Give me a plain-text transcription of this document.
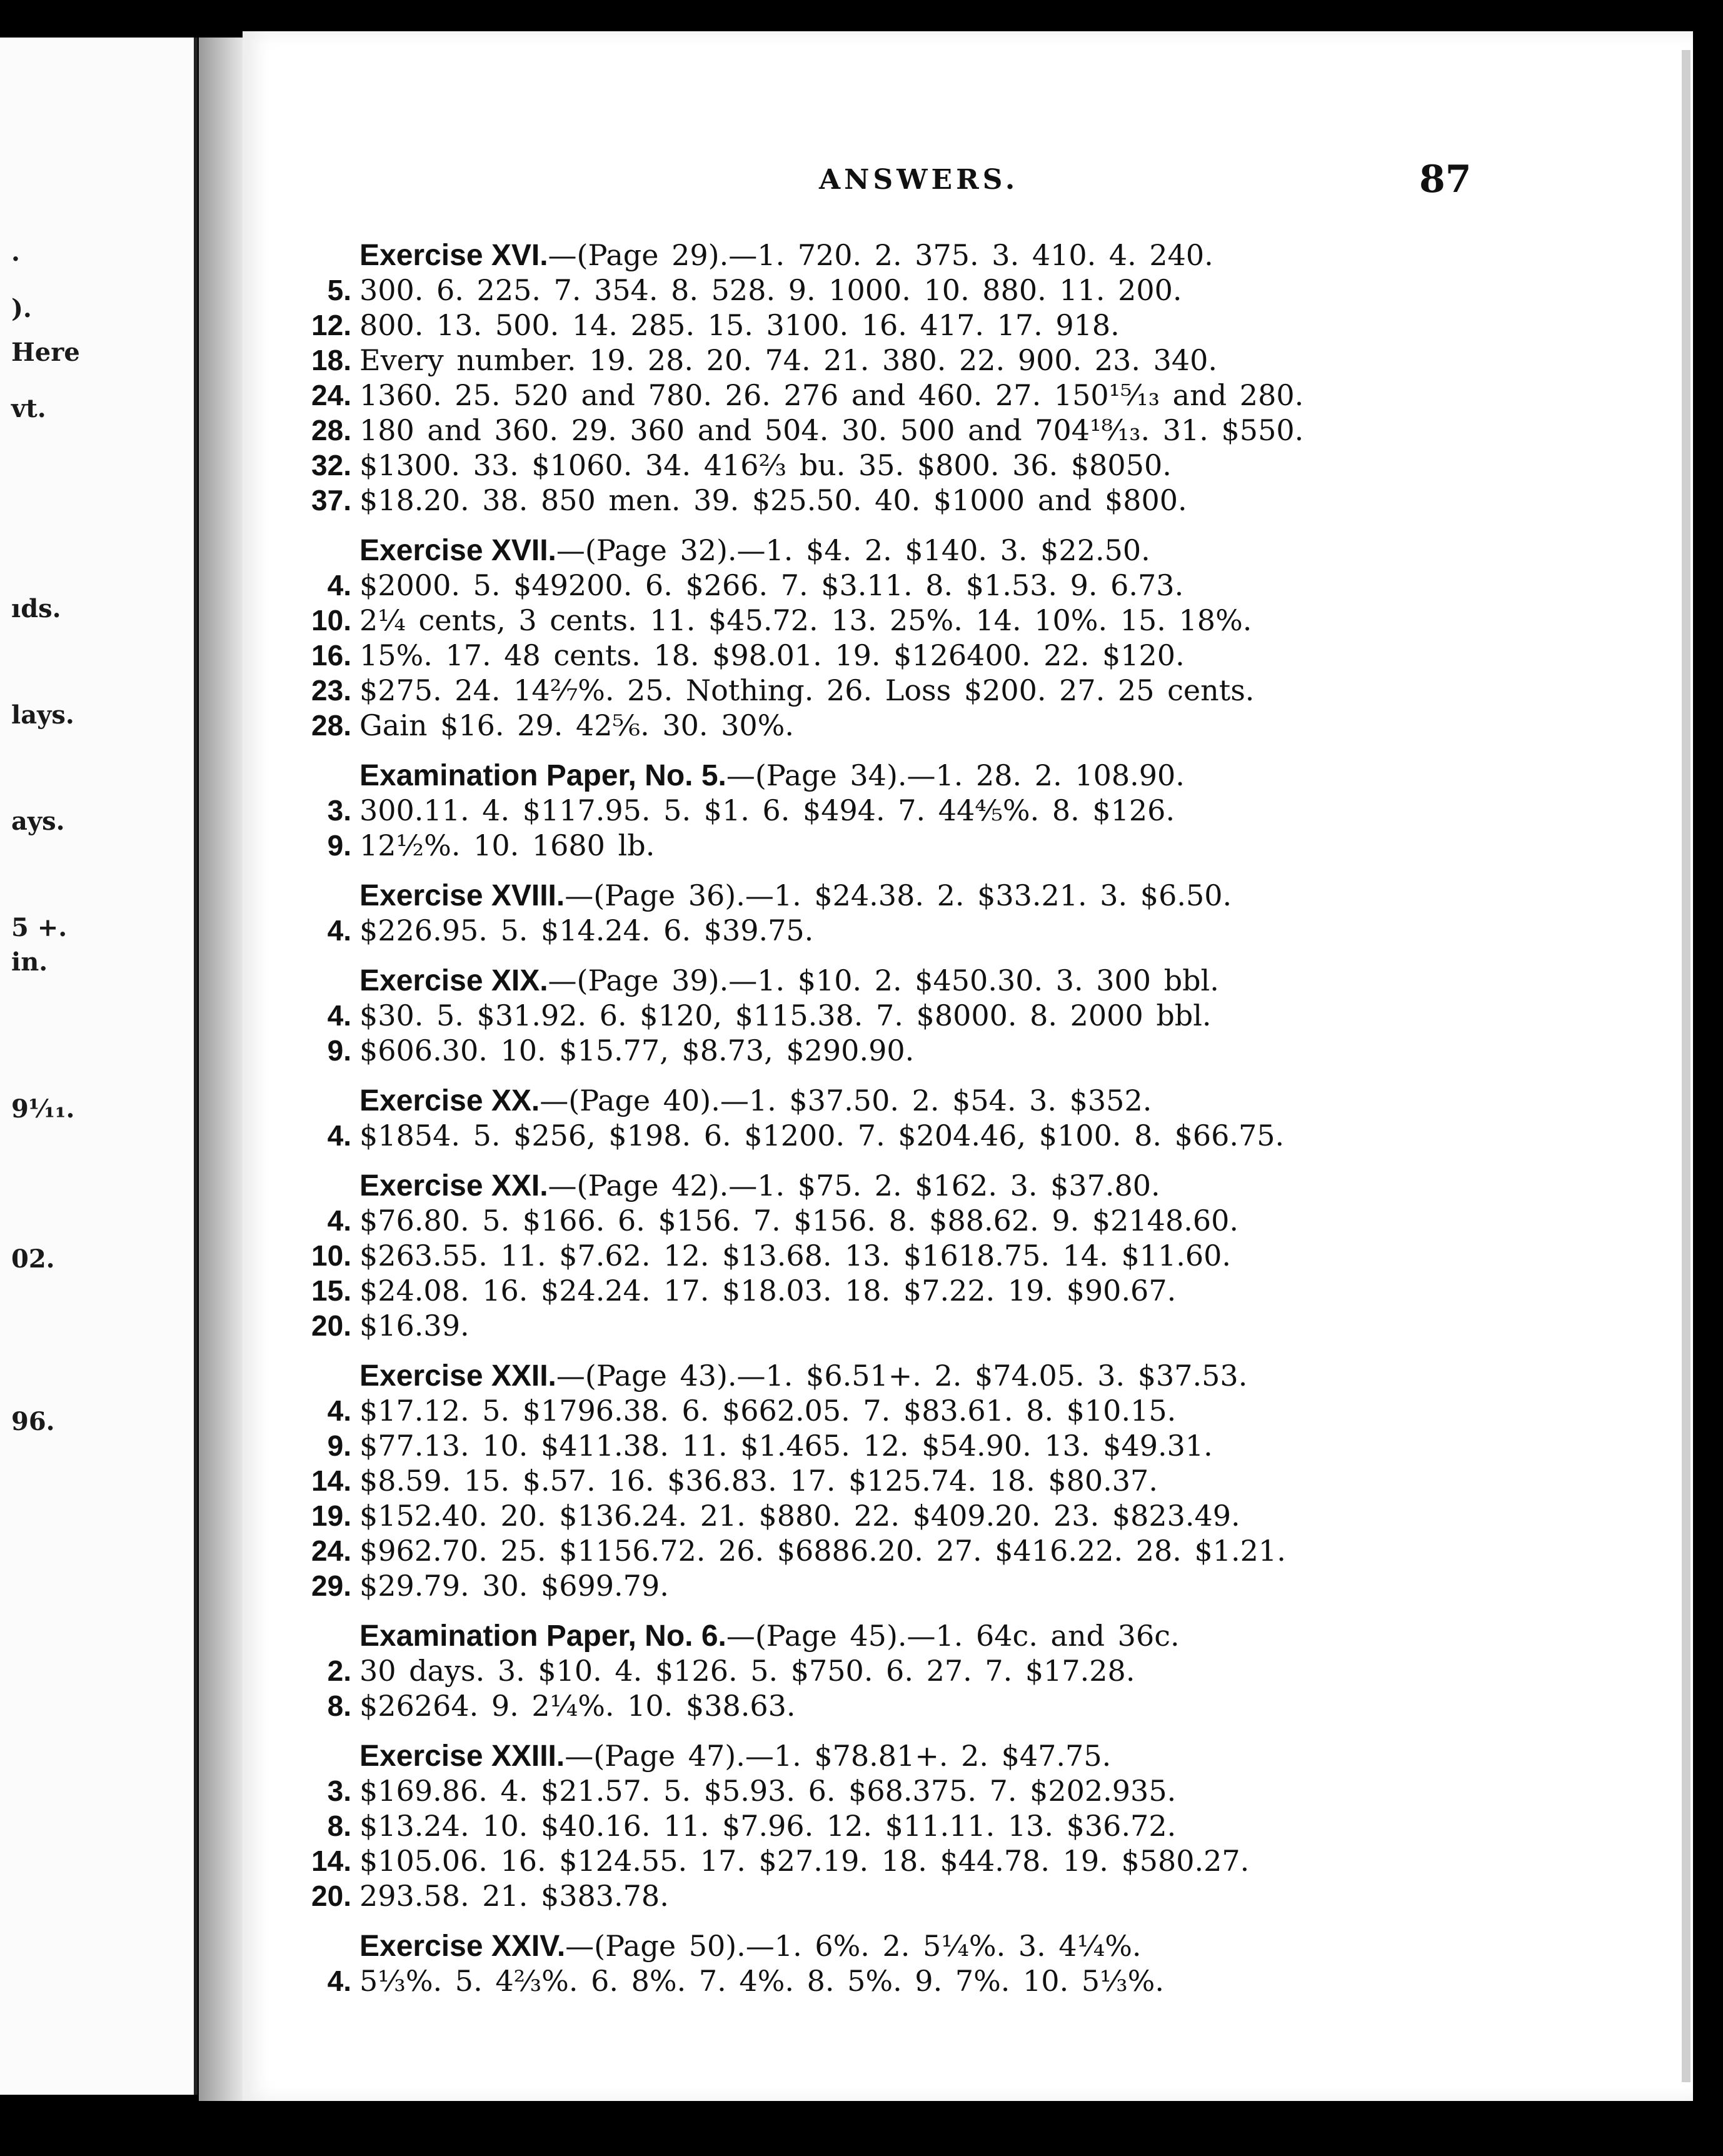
.
).
Here
vt.
ıds.
lays.
ays.
5 +.
in.
9⅟₁₁.
02.
96.
ANSWERS.	87
Exercise XVI.—(Page 29).—1. 720. 2. 375. 3. 410. 4. 240.
5. 300. 6. 225. 7. 354. 8. 528. 9. 1000. 10. 880. 11. 200.
12. 800. 13. 500. 14. 285. 15. 3100. 16. 417. 17. 918.
18. Every number. 19. 28. 20. 74. 21. 380. 22. 900. 23. 340.
24. 1360. 25. 520 and 780. 26. 276 and 460. 27. 150¹⁵⁄₁₃ and 280.
28. 180 and 360. 29. 360 and 504. 30. 500 and 704¹⁸⁄₁₃. 31. $550.
32. $1300. 33. $1060. 34. 416⅔ bu. 35. $800. 36. $8050.
37. $18.20. 38. 850 men. 39. $25.50. 40. $1000 and $800.
Exercise XVII.—(Page 32).—1. $4. 2. $140. 3. $22.50.
4. $2000. 5. $49200. 6. $266. 7. $3.11. 8. $1.53. 9. 6.73.
10. 2¼ cents, 3 cents. 11. $45.72. 13. 25%. 14. 10%. 15. 18%.
16. 15%. 17. 48 cents. 18. $98.01. 19. $126400. 22. $120.
23. $275. 24. 14²⁄₇%. 25. Nothing. 26. Loss $200. 27. 25 cents.
28. Gain $16. 29. 42⅚. 30. 30%.
Examination Paper, No. 5.—(Page 34).—1. 28. 2. 108.90.
3. 300.11. 4. $117.95. 5. $1. 6. $494. 7. 44⅘%. 8. $126.
9. 12½%. 10. 1680 lb.
Exercise XVIII.—(Page 36).—1. $24.38. 2. $33.21. 3. $6.50.
4. $226.95. 5. $14.24. 6. $39.75.
Exercise XIX.—(Page 39).—1. $10. 2. $450.30. 3. 300 bbl.
4. $30. 5. $31.92. 6. $120, $115.38. 7. $8000. 8. 2000 bbl.
9. $606.30. 10. $15.77, $8.73, $290.90.
Exercise XX.—(Page 40).—1. $37.50. 2. $54. 3. $352.
4. $1854. 5. $256, $198. 6. $1200. 7. $204.46, $100. 8. $66.75.
Exercise XXI.—(Page 42).—1. $75. 2. $162. 3. $37.80.
4. $76.80. 5. $166. 6. $156. 7. $156. 8. $88.62. 9. $2148.60.
10. $263.55. 11. $7.62. 12. $13.68. 13. $1618.75. 14. $11.60.
15. $24.08. 16. $24.24. 17. $18.03. 18. $7.22. 19. $90.67.
20. $16.39.
Exercise XXII.—(Page 43).—1. $6.51+. 2. $74.05. 3. $37.53.
4. $17.12. 5. $1796.38. 6. $662.05. 7. $83.61. 8. $10.15.
9. $77.13. 10. $411.38. 11. $1.465. 12. $54.90. 13. $49.31.
14. $8.59. 15. $.57. 16. $36.83. 17. $125.74. 18. $80.37.
19. $152.40. 20. $136.24. 21. $880. 22. $409.20. 23. $823.49.
24. $962.70. 25. $1156.72. 26. $6886.20. 27. $416.22. 28. $1.21.
29. $29.79. 30. $699.79.
Examination Paper, No. 6.—(Page 45).—1. 64c. and 36c.
2. 30 days. 3. $10. 4. $126. 5. $750. 6. 27. 7. $17.28.
8. $26264. 9. 2¼%. 10. $38.63.
Exercise XXIII.—(Page 47).—1. $78.81+. 2. $47.75.
3. $169.86. 4. $21.57. 5. $5.93. 6. $68.375. 7. $202.935.
8. $13.24. 10. $40.16. 11. $7.96. 12. $11.11. 13. $36.72.
14. $105.06. 16. $124.55. 17. $27.19. 18. $44.78. 19. $580.27.
20. 293.58. 21. $383.78.
Exercise XXIV.—(Page 50).—1. 6%. 2. 5¼%. 3. 4¼%.
4. 5⅓%. 5. 4⅔%. 6. 8%. 7. 4%. 8. 5%. 9. 7%. 10. 5⅓%.
